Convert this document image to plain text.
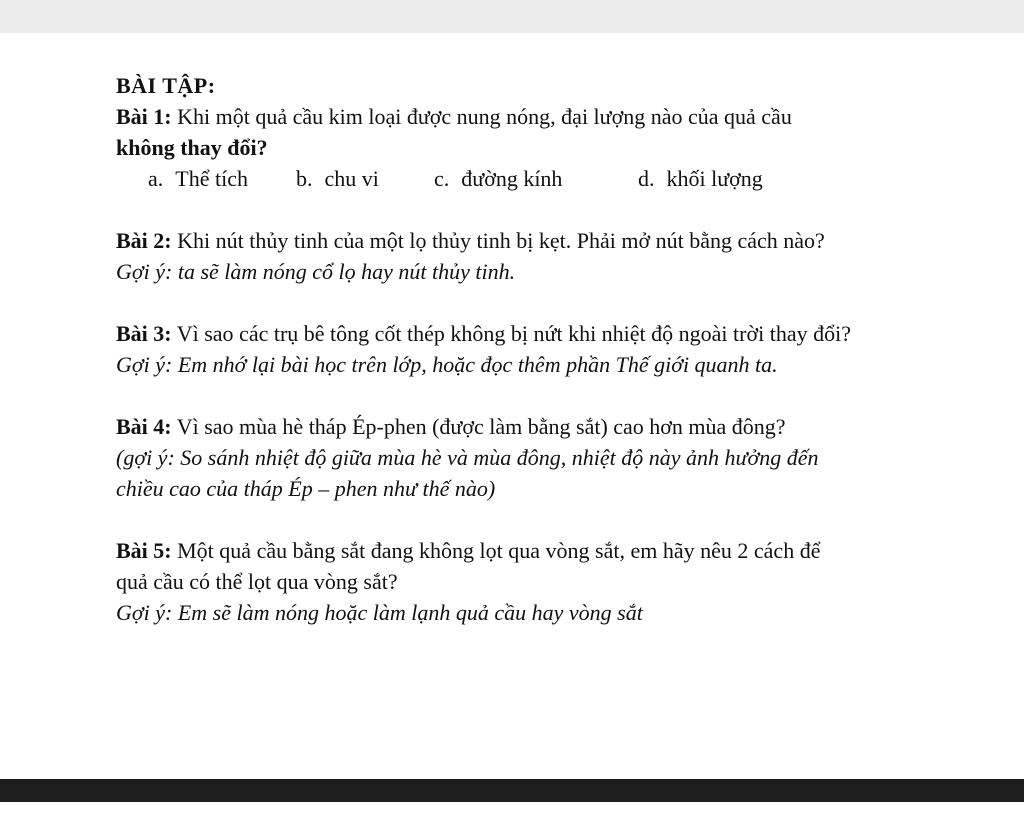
BÀI TẬP:
Bài 1: Khi một quả cầu kim loại được nung nóng, đại lượng nào của quả cầu
không thay đổi?
a. Thể tích	b. chu vi	c. đường kính	d. khối lượng
Bài 2: Khi nút thủy tinh của một lọ thủy tinh bị kẹt. Phải mở nút bằng cách nào?
Gợi ý: ta sẽ làm nóng cổ lọ hay nút thủy tinh.
Bài 3: Vì sao các trụ bê tông cốt thép không bị nứt khi nhiệt độ ngoài trời thay đổi?
Gợi ý: Em nhớ lại bài học trên lớp, hoặc đọc thêm phần Thế giới quanh ta.
Bài 4: Vì sao mùa hè tháp Ép-phen (được làm bằng sắt) cao hơn mùa đông?
(gợi ý: So sánh nhiệt độ giữa mùa hè và mùa đông, nhiệt độ này ảnh hưởng đến
chiều cao của tháp Ép – phen như thế nào)
Bài 5: Một quả cầu bằng sắt đang không lọt qua vòng sắt, em hãy nêu 2 cách để
quả cầu có thể lọt qua vòng sắt?
Gợi ý: Em sẽ làm nóng hoặc làm lạnh quả cầu hay vòng sắt
